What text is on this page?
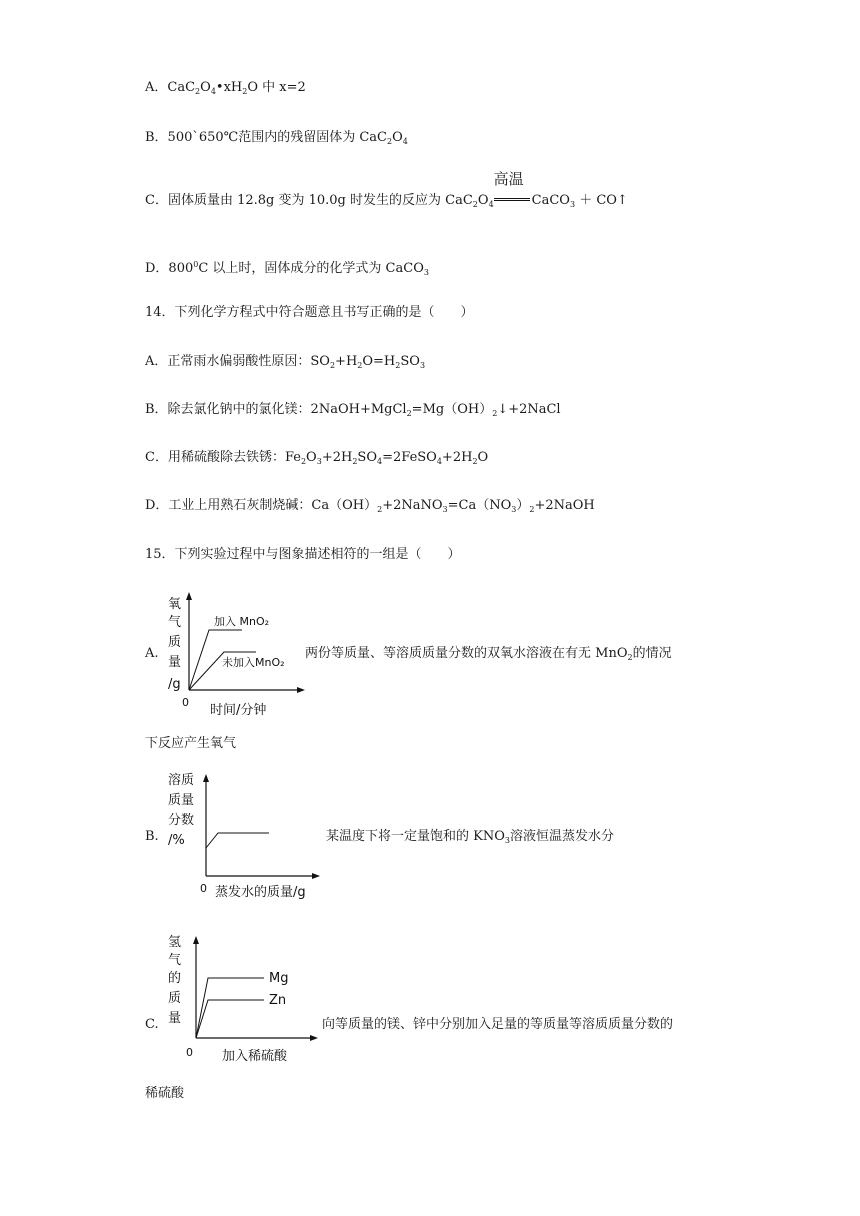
A．$CaC_2O_4•xH_2O$ 中 x=2
B．500`650℃范围内的残留固体为 $CaC_2O_4$
C．固体质量由 12.8g 变为 10.0g 时发生的反应为 $CaC_2O_4$
高温
CaCO$_3$ ＋ CO↑
D．$800^0C$ 以上时，固体成分的化学式为 CaCO$_3$
14．下列化学方程式中符合题意且书写正确的是（　　）
A．正常雨水偏弱酸性原因：$SO_2+H_2O=H_2SO_3$
B．除去氯化钠中的氯化镁：$2NaOH+MgCl_2=Mg(OH)_2↓+2NaCl$
C．用稀硫酸除去铁锈：$Fe_2O_3+2H_2SO_4=2FeSO_4+2H_2O$
D．工业上用熟石灰制烧碱：$Ca(OH)_2+2NaNO_3=Ca(NO_3)_2+2NaOH$
15．下列实验过程中与图象描述相符的一组是（　　）
A.
氧
气
质
量
/g
加入 MnO₂
未加入MnO₂
0
时间/分钟
两份等质量、等溶质质量分数的双氧水溶液在有无 MnO$_2$的情况
下反应产生氧气
B.
溶质
质量
分数
/%
0 蒸发水的质量/g
某温度下将一定量饱和的 $KNO_3$溶液恒温蒸发水分
C.
氢
气
的
质
量
Mg
Zn
0 加入稀硫酸
向等质量的镁、锌中分别加入足量的等质量等溶质质量分数的
稀硫酸
